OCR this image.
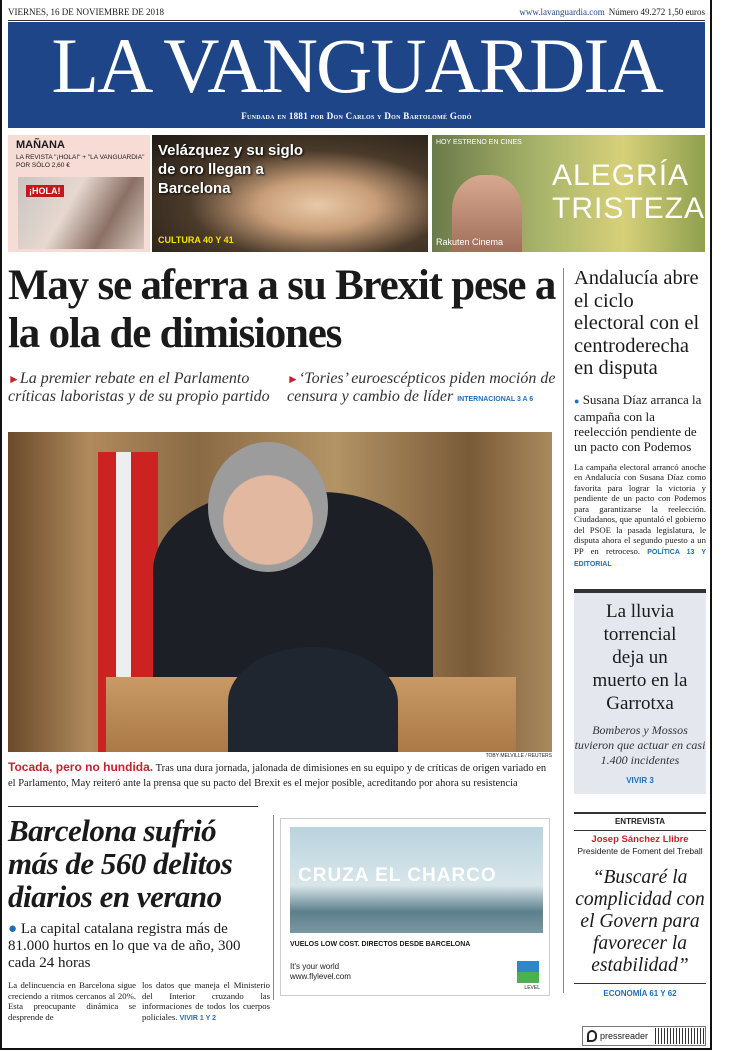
VIERNES, 16 DE NOVIEMBRE DE 2018	www.lavanguardia.com Número 49.272 1,50 euros
LA VANGUARDIA
Fundada en 1881 por Don Carlos y Don Bartolomé Godó
MAÑANA
LA REVISTA "¡HOLA!" + "LA VANGUARDIA" POR SÓLO 2,60 €
¡HOLA!
Velázquez y su siglo de oro llegan a Barcelona
CULTURA 40 Y 41
HOY ESTRENO EN CINES
ALEGRÍA TRISTEZA
Rakuten Cinema
May se aferra a su Brexit pese a la ola de dimisiones
►La premier rebate en el Parlamento críticas laboristas y de su propio partido
►‘Tories’ euroescépticos piden moción de censura y cambio de líder INTERNACIONAL 3 A 6
TOBY MELVILLE / REUTERS
Tocada, pero no hundida. Tras una dura jornada, jalonada de dimisiones en su equipo y de críticas de origen variado en el Parlamento, May reiteró ante la prensa que su pacto del Brexit es el mejor posible, acreditando por ahora su resistencia
Barcelona sufrió más de 560 delitos diarios en verano
● La capital catalana registra más de 81.000 hurtos en lo que va de año, 300 cada 24 horas
La delincuencia en Barcelona sigue creciendo a ritmos cercanos al 20%. Esta preocupante dinámica se desprende de
los datos que maneja el Ministerio del Interior cruzando las informaciones de todos los cuerpos policiales. VIVIR 1 Y 2
CRUZA EL CHARCO
VUELOS LOW COST. DIRECTOS DESDE BARCELONA
It's your world
www.flylevel.com
LEVEL
Andalucía abre el ciclo electoral con el centroderecha en disputa
● Susana Díaz arranca la campaña con la reelección pendiente de un pacto con Podemos
La campaña electoral arrancó anoche en Andalucía con Susana Díaz como favorita para lograr la victoria y pendiente de un pacto con Podemos para garantizarse la reelección. Ciudadanos, que apuntaló el gobierno del PSOE la pasada legislatura, le disputa ahora el segundo puesto a un PP en retroceso. POLÍTICA 13 Y EDITORIAL
La lluvia torrencial deja un muerto en la Garrotxa
Bomberos y Mossos tuvieron que actuar en casi 1.400 incidentes
VIVIR 3
ENTREVISTA
Josep Sánchez Llibre
Presidente de Foment del Treball
“Buscaré la complicidad con el Govern para favorecer la estabilidad”
ECONOMÍA 61 Y 62
pressreader
